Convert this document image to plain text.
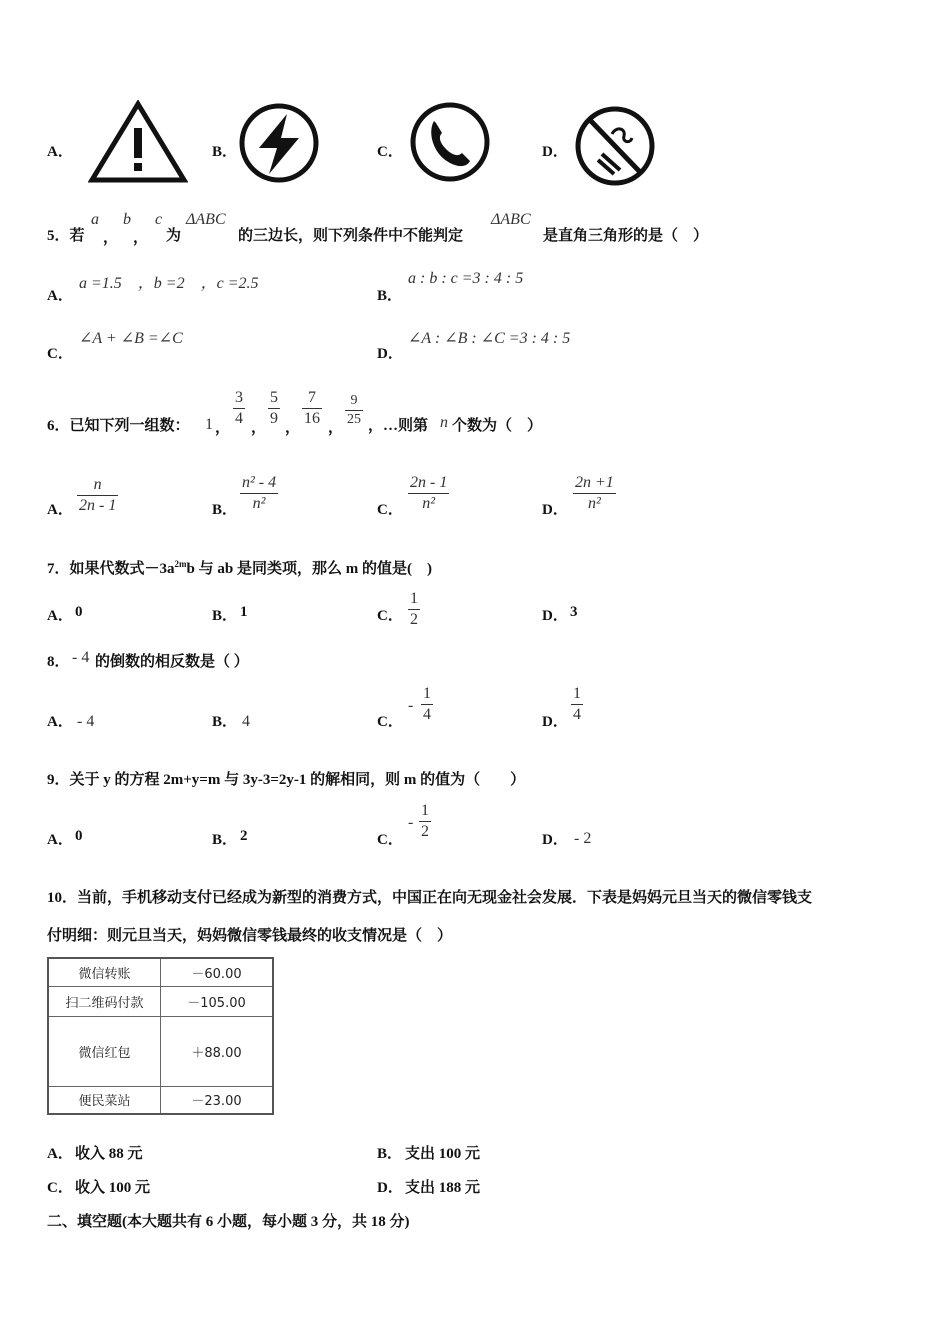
A．	B．	C．	D．
5．若
a
，
b
，
c
为
ΔABC
的三边长，则下列条件中不能判定
ΔABC
是直角三角形的是（　）
A．
a =1.5　，b =2　，c =2.5
B．
a : b : c =3 : 4 : 5
C．
∠A + ∠B =∠C
D．
∠A : ∠B : ∠C =3 : 4 : 5
6．已知下列一组数： 1 ，
3
4
，
5
9
，
7
16
，
9
25 ，…则第 n 个数为（　）
A．
n
2n - 1	B．
n² - 4
n²	C．
2n - 1
n²	D．
2n +1
n²
7．如果代数式$-3a^{2m}b$ 与 ab 是同类项，那么 m 的值是(　)
A． 0	B． 1	C．
1
2	D． 3
8． - 4 的倒数的相反数是（ ）
A． - 4	B． 4	C．
-
1
4	D．
1
4
9．关于 y 的方程 2m+y=m 与 3y-3=2y-1 的解相同，则 m 的值为（　　）
A． 0	B． 2	C．
-
1
2	D． - 2
10．当前，手机移动支付已经成为新型的消费方式，中国正在向无现金社会发展．下表是妈妈元旦当天的微信零钱支
付明细：则元旦当天，妈妈微信零钱最终的收支情况是（　）
微信转账	－60.00
扫二维码付款	－105.00
微信红包	＋88.00
便民菜站	－23.00
A． 收入 88 元	B． 支出 100 元
C． 收入 100 元	D． 支出 188 元
二、填空题(本大题共有 6 小题，每小题 3 分，共 18 分)
